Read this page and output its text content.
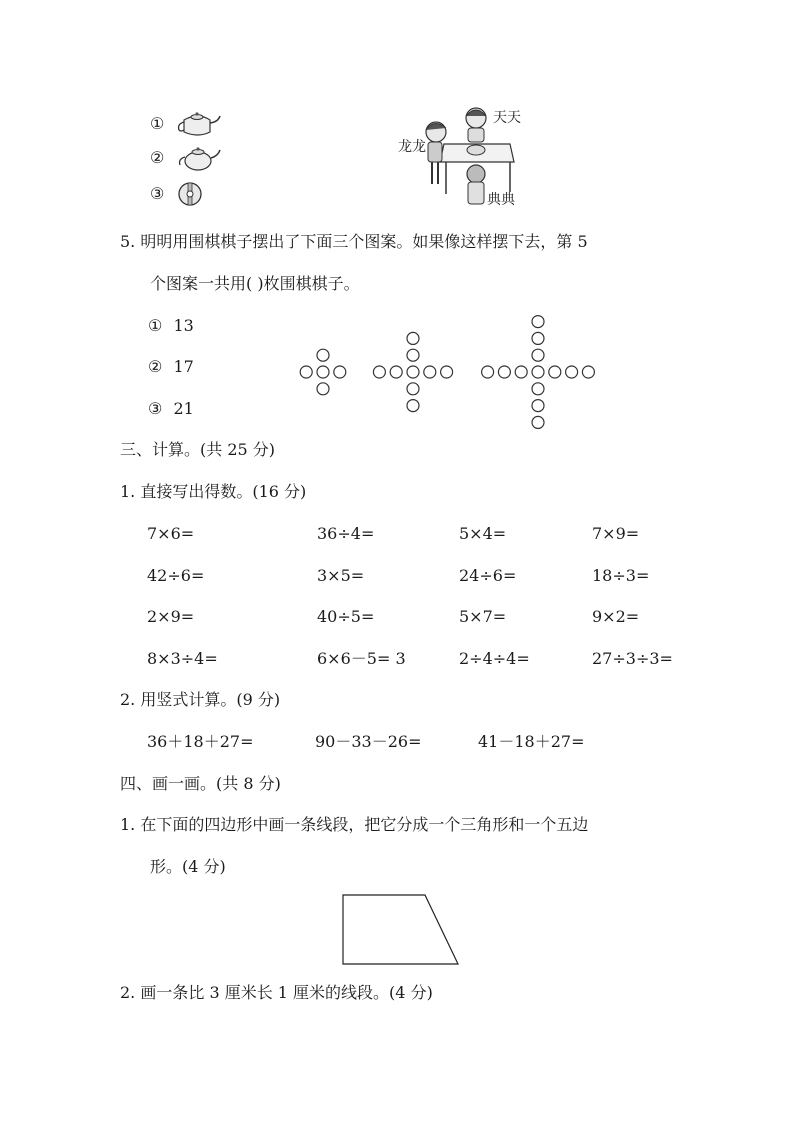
①
②
③
天天
龙龙
典典
5. 明明用围棋棋子摆出了下面三个图案。如果像这样摆下去，第 5
个图案一共用( )枚围棋棋子。
① 13
② 17
③ 21
三、计算。(共 25 分)
1. 直接写出得数。(16 分)
7×6=	36÷4=	5×4=	7×9=
42÷6=	3×5=	24÷6=	18÷3=
2×9=	40÷5=	5×7=	9×2=
8×3÷4=	6×6－5= 3	2÷4÷4=	27÷3÷3=
2. 用竖式计算。(9 分)
36＋18＋27=	90－33－26=	41－18＋27=
四、画一画。(共 8 分)
1. 在下面的四边形中画一条线段，把它分成一个三角形和一个五边
形。(4 分)
2. 画一条比 3 厘米长 1 厘米的线段。(4 分)
